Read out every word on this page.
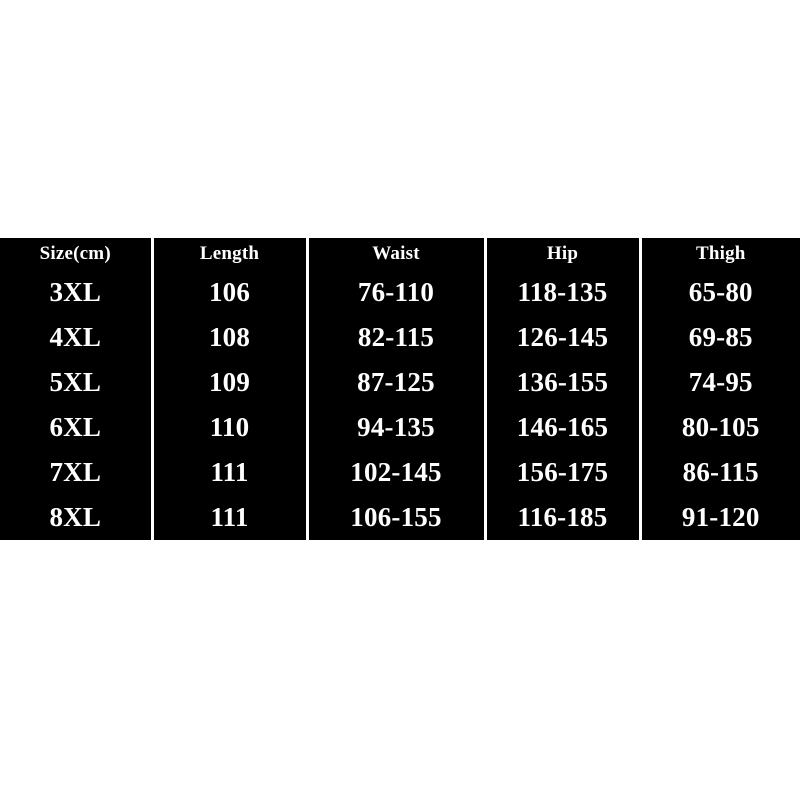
Size(cm)	Length	Waist	Hip	Thigh
3XL	106	76-110	118-135	65-80
4XL	108	82-115	126-145	69-85
5XL	109	87-125	136-155	74-95
6XL	110	94-135	146-165	80-105
7XL	111	102-145	156-175	86-115
8XL	111	106-155	116-185	91-120
